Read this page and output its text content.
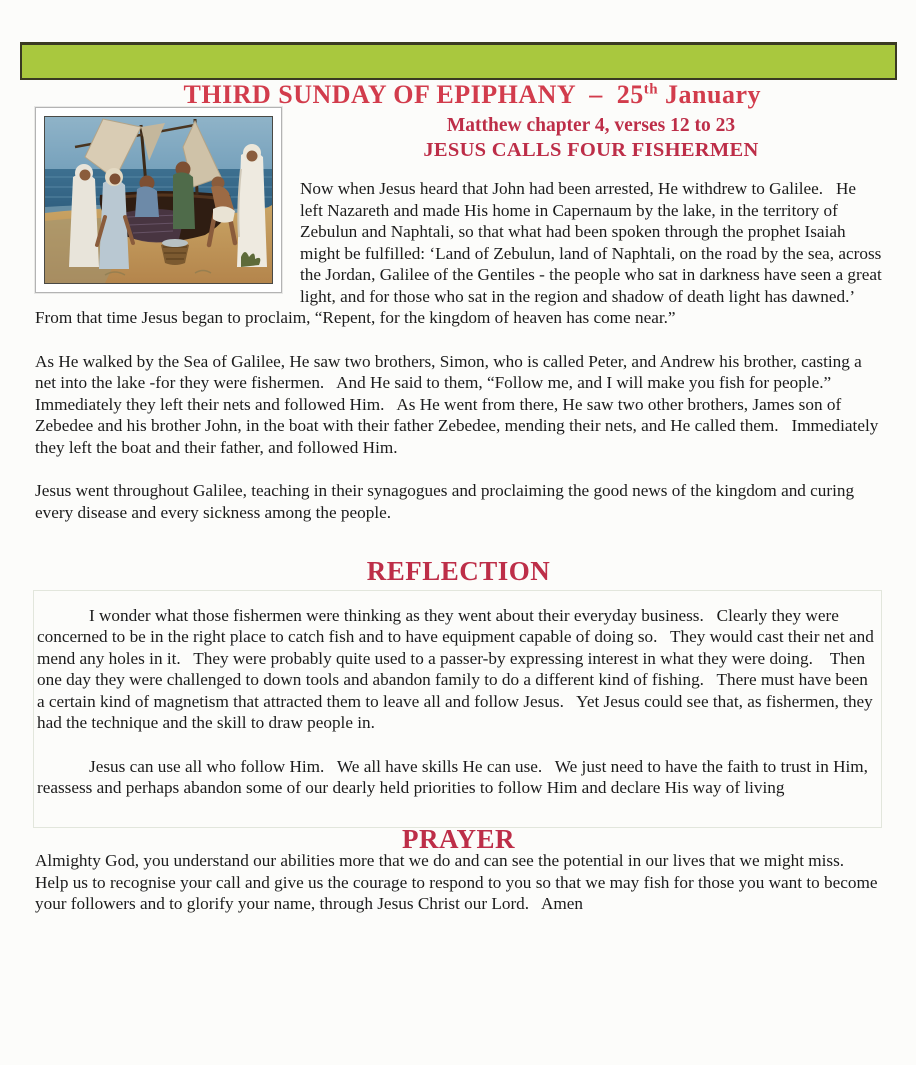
THIRD SUNDAY OF EPIPHANY  –  25th January

Matthew chapter 4, verses 12 to 23
JESUS CALLS FOUR FISHERMEN

Now when Jesus heard that John had been arrested, He withdrew to Galilee.   He left Nazareth and made His home in Capernaum by the lake, in the territory of Zebulun and Naphtali, so that what had been spoken through the prophet Isaiah might be fulfilled: ‘Land of Zebulun, land of Naphtali, on the road by the sea, across the Jordan, Galilee of the Gentiles - the people who sat in darkness have seen a great light, and for those who sat in the region and shadow of death light has dawned.’   From that time Jesus began to proclaim, “Repent, for the kingdom of heaven has come near.”

As He walked by the Sea of Galilee, He saw two brothers, Simon, who is called Peter, and Andrew his brother, casting a net into the lake -for they were fishermen.   And He said to them, “Follow me, and I will make you fish for people.”    Immediately they left their nets and followed Him.   As He went from there, He saw two other brothers, James son of Zebedee and his brother John, in the boat with their father Zebedee, mending their nets, and He called them.   Immediately they left the boat and their father, and followed Him.

Jesus went throughout Galilee, teaching in their synagogues and proclaiming the good news of the kingdom and curing every disease and every sickness among the people.

REFLECTION

I wonder what those fishermen were thinking as they went about their everyday business.   Clearly they were concerned to be in the right place to catch fish and to have equipment capable of doing so.   They would cast their net and mend any holes in it.   They were probably quite used to a passer-by expressing interest in what they were doing.    Then one day they were challenged to down tools and abandon family to do a different kind of fishing.   There must have been a certain kind of magnetism that attracted them to leave all and follow Jesus.   Yet Jesus could see that, as fishermen, they had the technique and the skill to draw people in.

Jesus can use all who follow Him.   We all have skills He can use.   We just need to have the faith to trust in Him, reassess and perhaps abandon some of our dearly held priorities to follow Him and declare His way of living

PRAYER

Almighty God, you understand our abilities more that we do and can see the potential in our lives that we might miss.   Help us to recognise your call and give us the courage to respond to you so that we may fish for those you want to become your followers and to glorify your name, through Jesus Christ our Lord.   Amen
